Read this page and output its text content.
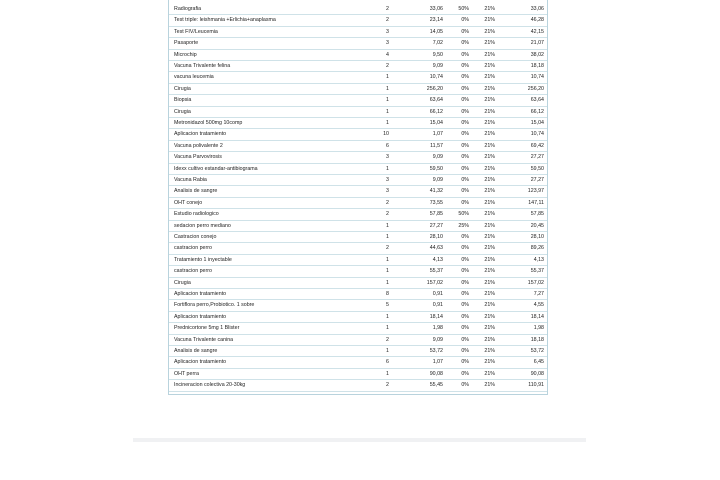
Radiografia	2	33,06	50%	21%	33,06
Test triple: leishmania +Erlichia+anaplasma	2	23,14	0%	21%	46,28
Test FIV/Leucemia	3	14,05	0%	21%	42,15
Pasaporte	3	7,02	0%	21%	21,07
Microchip	4	9,50	0%	21%	38,02
Vacuna Trivalente felina	2	9,09	0%	21%	18,18
vacuna leucemia	1	10,74	0%	21%	10,74
Cirugia	1	256,20	0%	21%	256,20
Biopsia	1	63,64	0%	21%	63,64
Cirugia	1	66,12	0%	21%	66,12
Metronidazol 500mg 10comp	1	15,04	0%	21%	15,04
Aplicacion tratamiento	10	1,07	0%	21%	10,74
Vacuna polivalente 2	6	11,57	0%	21%	69,42
Vacuna Parvovirosis	3	9,09	0%	21%	27,27
Idexx cultivo estandar-antibiograma	1	59,50	0%	21%	59,50
Vacuna Rabia	3	9,09	0%	21%	27,27
Analisis de sangre	3	41,32	0%	21%	123,97
OHT conejo	2	73,55	0%	21%	147,11
Estudio radiologico	2	57,85	50%	21%	57,85
sedacion perro mediano	1	27,27	25%	21%	20,45
Castracion conejo	1	28,10	0%	21%	28,10
castracion perro	2	44,63	0%	21%	89,26
Tratamiento 1 inyectable	1	4,13	0%	21%	4,13
castracion perro	1	55,37	0%	21%	55,37
Cirugia	1	157,02	0%	21%	157,02
Aplicacion tratamiento	8	0,91	0%	21%	7,27
Fortiflora perro,Probiotico. 1 sobre	5	0,91	0%	21%	4,55
Aplicacion tratamiento	1	18,14	0%	21%	18,14
Prednicortone 5mg 1 Blister	1	1,98	0%	21%	1,98
Vacuna Trivalente canina	2	9,09	0%	21%	18,18
Analisis de sangre	1	53,72	0%	21%	53,72
Aplicacion tratamiento	6	1,07	0%	21%	6,45
OHT perra	1	90,08	0%	21%	90,08
Incineracion colectiva 20-30kg	2	55,45	0%	21%	110,91
